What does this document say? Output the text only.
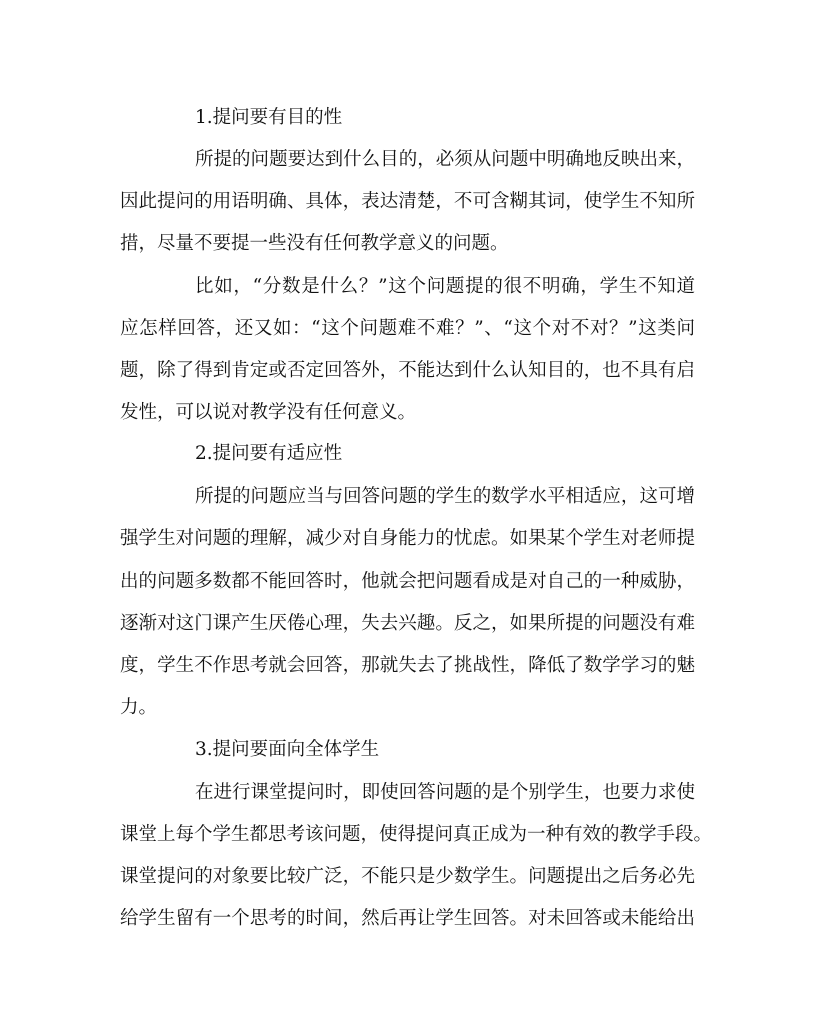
1.提问要有目的性
所提的问题要达到什么目的，必须从问题中明确地反映出来，
因此提问的用语明确、具体，表达清楚，不可含糊其词，使学生不知所
措，尽量不要提一些没有任何教学意义的问题。
比如，“分数是什么？”这个问题提的很不明确，学生不知道
应怎样回答，还又如：“这个问题难不难？”、“这个对不对？”这类问
题，除了得到肯定或否定回答外，不能达到什么认知目的，也不具有启
发性，可以说对教学没有任何意义。
2.提问要有适应性
所提的问题应当与回答问题的学生的数学水平相适应，这可增
强学生对问题的理解，减少对自身能力的忧虑。如果某个学生对老师提
出的问题多数都不能回答时，他就会把问题看成是对自己的一种威胁，
逐渐对这门课产生厌倦心理，失去兴趣。反之，如果所提的问题没有难
度，学生不作思考就会回答，那就失去了挑战性，降低了数学学习的魅
力。
3.提问要面向全体学生
在进行课堂提问时，即使回答问题的是个别学生，也要力求使
课堂上每个学生都思考该问题，使得提问真正成为一种有效的教学手段。
课堂提问的对象要比较广泛，不能只是少数学生。问题提出之后务必先
给学生留有一个思考的时间，然后再让学生回答。对未回答或未能给出
